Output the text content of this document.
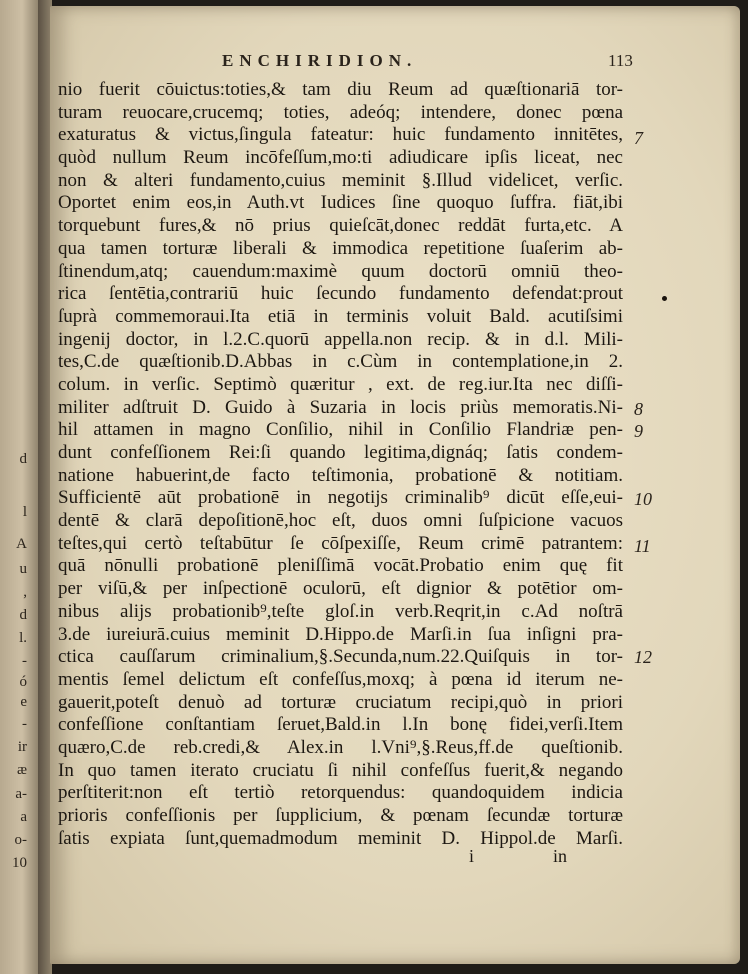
d
l
A
u
,
d
l.
-
ó
e
-
ir
æ
a-
a
o-
10
ENCHIRIDION.	113
nio fuerit cōuictus:toties,& tam diu Reum ad quæſtionariā tor-
turam reuocare,crucemq; toties, adeóq; intendere, donec pœna
exaturatus & victus,ſingula fateatur: huic fundamento innitētes,
quòd nullum Reum incōfeſſum,mo:ti adiudicare ipſis liceat, nec
non & alteri fundamento,cuius meminit §.Illud videlicet, verſic.
Oportet enim eos,in Auth.vt Iudices ſine quoquo ſuffra. fiāt,ibi
torquebunt fures,& nō prius quieſcāt,donec reddāt furta,etc. A
qua tamen torturæ liberali & immodica repetitione ſuaſerim ab-
ſtinendum,atq; cauendum:maximè quum doctorū omniū theo-
rica ſentētia,contrariū huic ſecundo fundamento defendat:prout
ſuprà commemoraui.Ita etiā in terminis voluit Bald. acutiſsimi
ingenij doctor, in l.2.C.quorū appella.non recip. & in d.l. Mili-
tes,C.de quæſtionib.D.Abbas in c.Cùm in contemplatione,in 2.
colum. in verſic. Septimò quæritur , ext. de reg.iur.Ita nec diſſi-
militer adſtruit D. Guido à Suzaria in locis priùs memoratis.Ni-
hil attamen in magno Conſilio, nihil in Conſilio Flandriæ pen-
dunt confeſſionem Rei:ſi quando legitima,dignáq; ſatis condem-
natione habuerint,de facto teſtimonia, probationē & notitiam.
Sufficientē aūt probationē in negotijs criminalib⁹ dicūt eſſe,eui-
dentē & clarā depoſitionē,hoc eſt, duos omni ſuſpicione vacuos
teſtes,qui certò teſtabūtur ſe cōſpexiſſe, Reum crimē patrantem:
quā nōnulli probationē pleniſſimā vocāt.Probatio enim quę fit
per viſū,& per inſpectionē oculorū, eſt dignior & potētior om-
nibus alijs probationib⁹,teſte gloſ.in verb.Reqrit,in c.Ad noſtrā
3.de iureiurā.cuius meminit D.Hippo.de Marſi.in ſua inſigni pra-
ctica cauſſarum criminalium,§.Secunda,num.22.Quiſquis in tor-
mentis ſemel delictum eſt confeſſus,moxq; à pœna id iterum ne-
gauerit,poteſt denuò ad torturæ cruciatum recipi,quò in priori
confeſſione conſtantiam ſeruet,Bald.in l.In bonę fidei,verſi.Item
quæro,C.de reb.credi,& Alex.in l.Vni⁹,§.Reus,ff.de queſtionib.
In quo tamen iterato cruciatu ſi nihil confeſſus fuerit,& negando
perſtiterit:non eſt tertiò retorquendus: quandoquidem indicia
prioris confeſſionis per ſupplicium, & pœnam ſecundæ torturæ
ſatis expiata ſunt,quemadmodum meminit D. Hippol.de Marſi.
7
8
9
10
11
12
i	in
